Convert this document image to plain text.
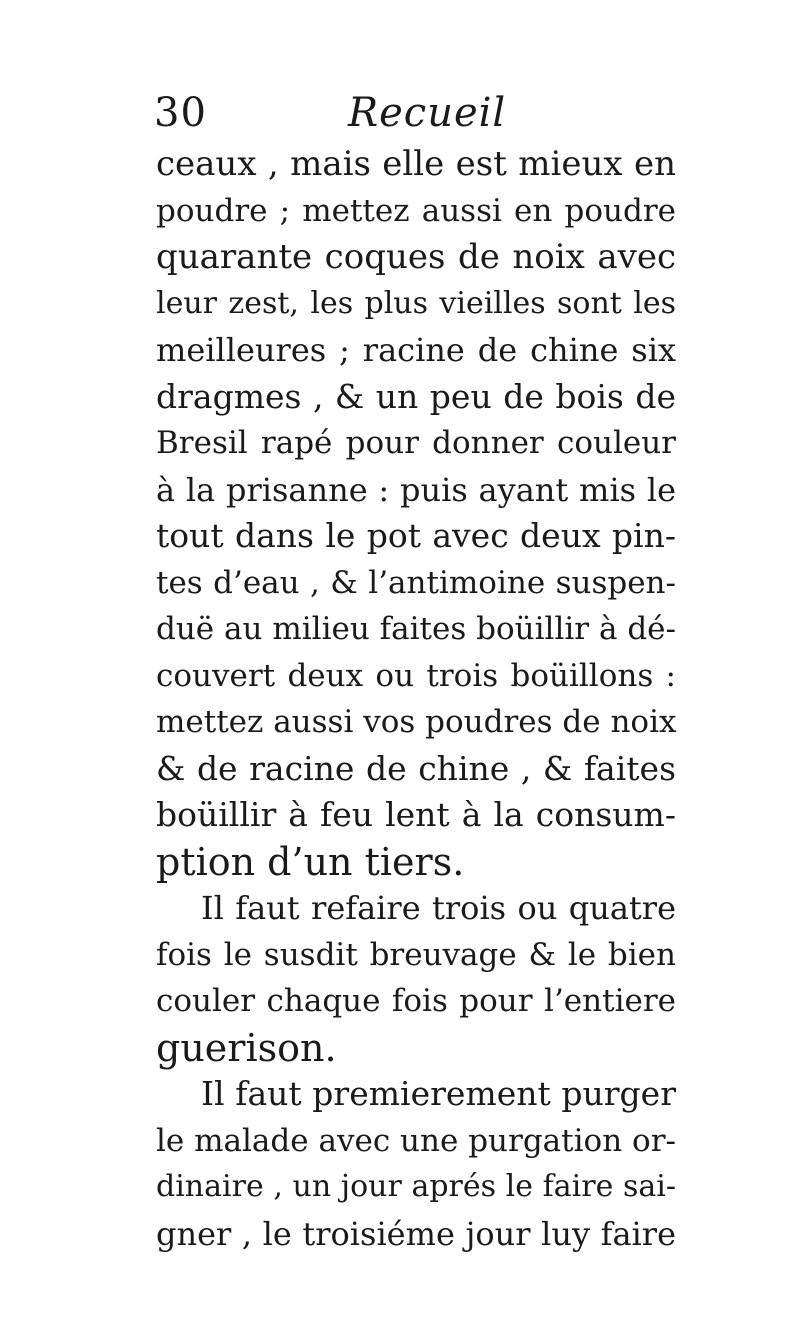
30	Recueil
ceaux , mais elle est mieux en
poudre ; mettez aussi en poudre
quarante coques de noix avec
leur zest, les plus vieilles sont les
meilleures ; racine de chine six
dragmes , & un peu de bois de
Bresil rapé pour donner couleur
à la prisanne : puis ayant mis le
tout dans le pot avec deux pin-
tes d’eau , & l’antimoine suspen-
duë au milieu faites boüillir à dé-
couvert deux ou trois boüillons :
mettez aussi vos poudres de noix
& de racine de chine , & faites
boüillir à feu lent à la consum-
ption d’un tiers.
Il faut refaire trois ou quatre
fois le susdit breuvage & le bien
couler chaque fois pour l’entiere
guerison.
Il faut premierement purger
le malade avec une purgation or-
dinaire , un jour aprés le faire sai-
gner , le troisiéme jour luy faire
